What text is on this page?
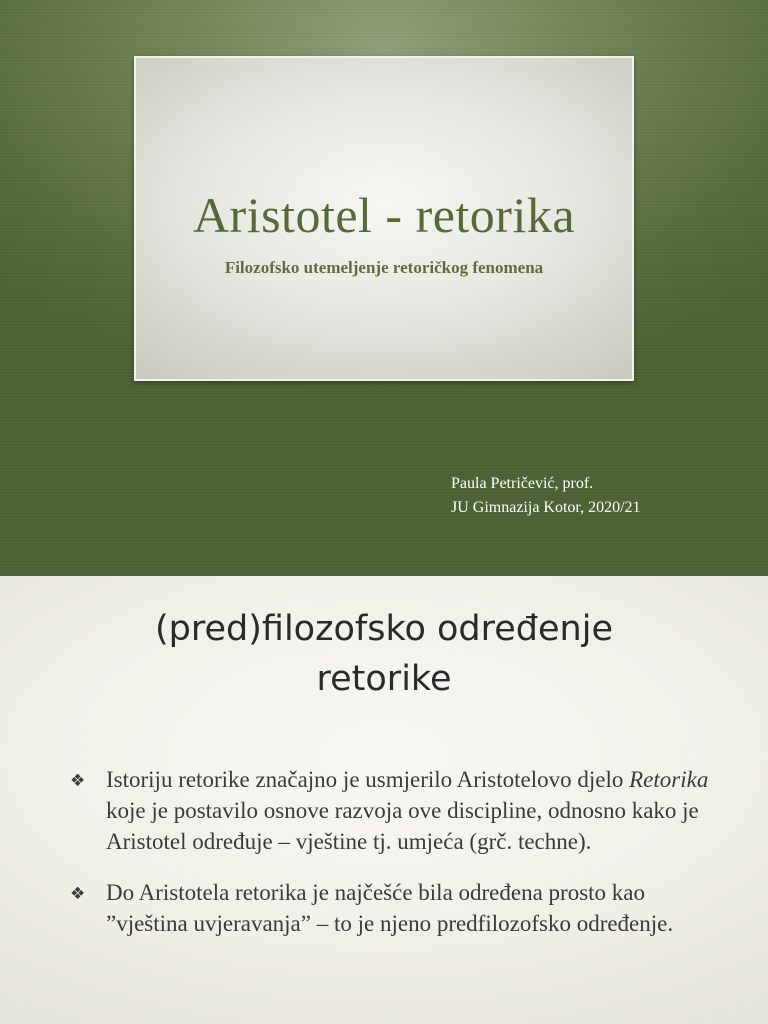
Aristotel - retorika
Filozofsko utemeljenje retoričkog fenomena
Paula Petričević, prof.
JU Gimnazija Kotor, 2020/21
(pred)filozofsko određenje
retorike
❖ Istoriju retorike značajno je usmjerilo Aristotelovo djelo Retorika koje je postavilo osnove razvoja ove discipline, odnosno kako je Aristotel određuje – vještine tj. umjeća (grč. techne).
❖ Do Aristotela retorika je najčešće bila određena prosto kao ”vještina uvjeravanja” – to je njeno predfilozofsko određenje.
